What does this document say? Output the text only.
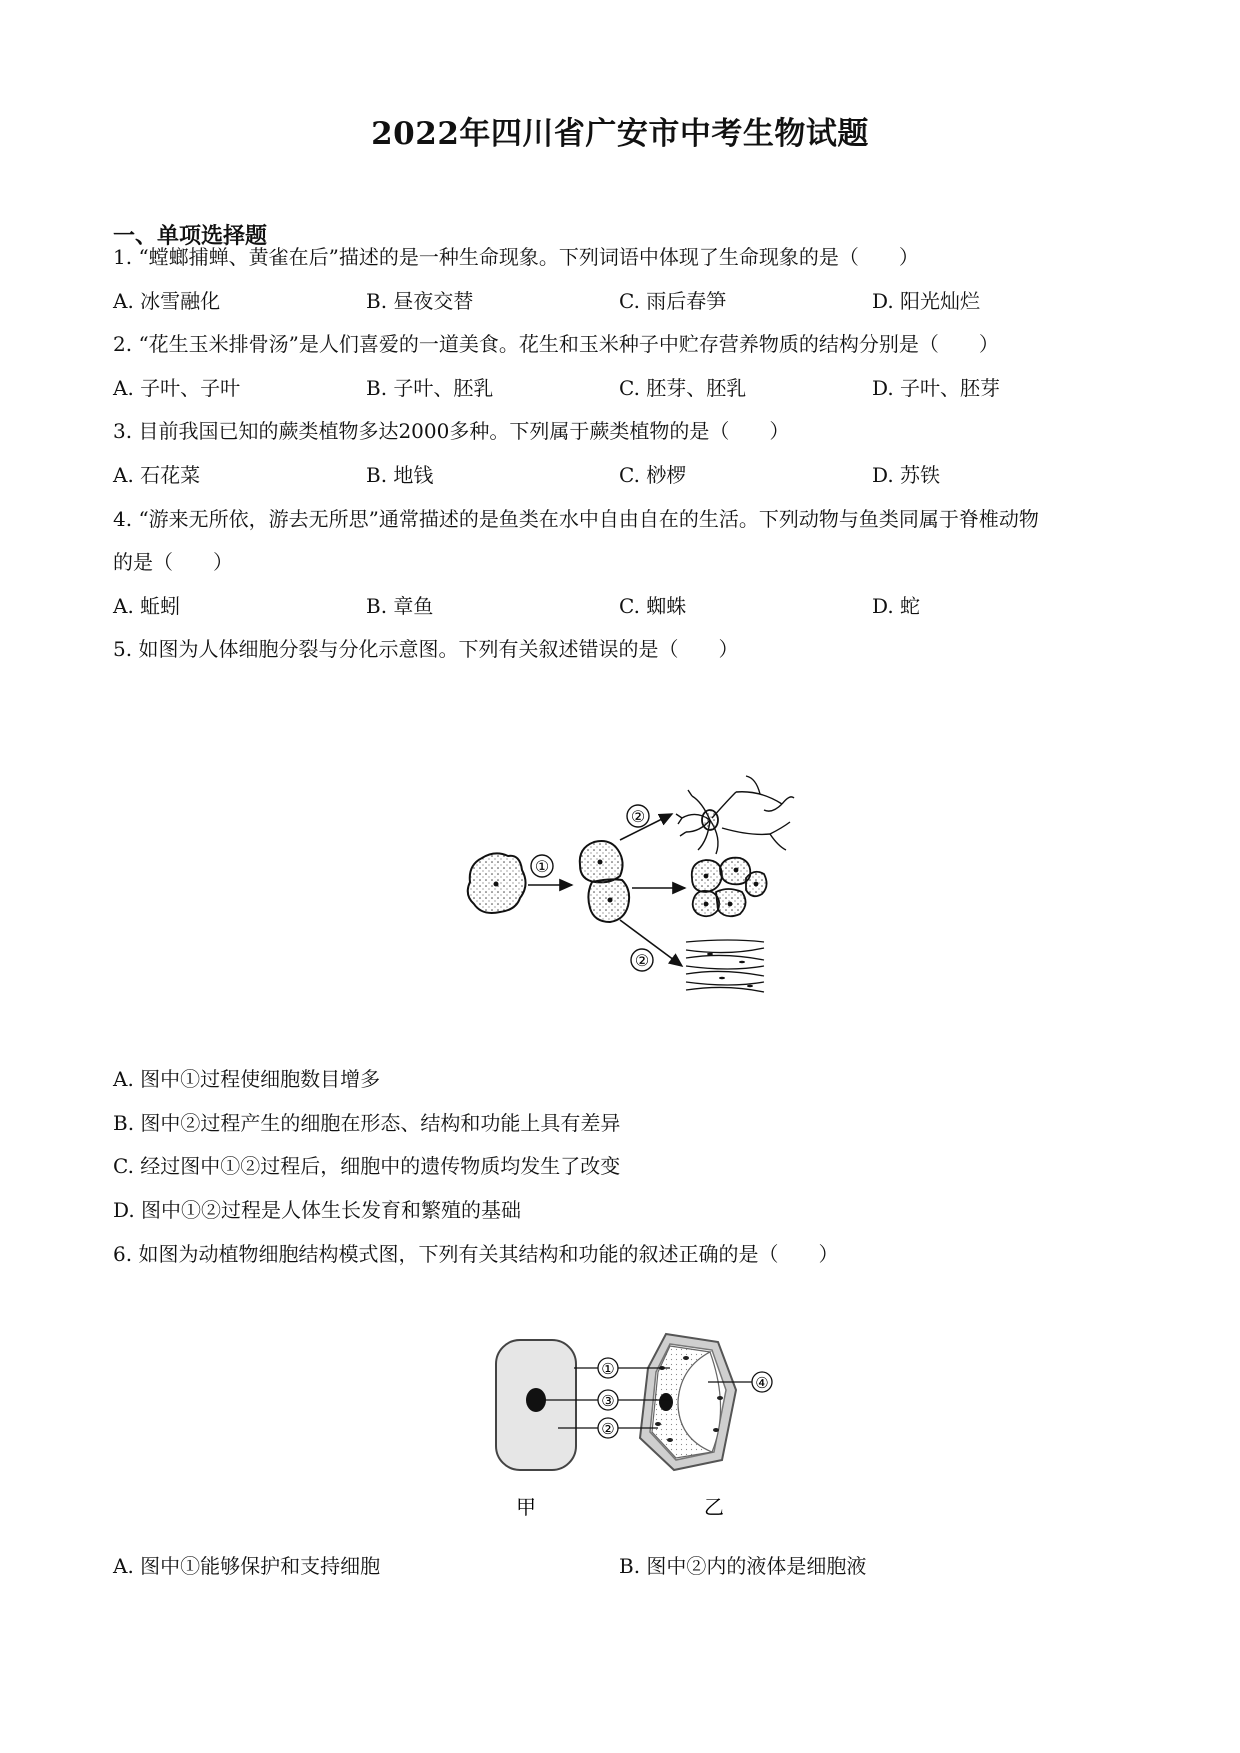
2022年四川省广安市中考生物试题
一、单项选择题
1. “螳螂捕蝉、黄雀在后”描述的是一种生命现象。下列词语中体现了生命现象的是（　　）
A. 冰雪融化	B. 昼夜交替	C. 雨后春笋	D. 阳光灿烂
2. “花生玉米排骨汤”是人们喜爱的一道美食。花生和玉米种子中贮存营养物质的结构分别是（　　）
A. 子叶、子叶	B. 子叶、胚乳	C. 胚芽、胚乳	D. 子叶、胚芽
3. 目前我国已知的蕨类植物多达2000多种。下列属于蕨类植物的是（　　）
A. 石花菜	B. 地钱	C. 桫椤	D. 苏铁
4. “游来无所依，游去无所思”通常描述的是鱼类在水中自由自在的生活。下列动物与鱼类同属于脊椎动物
的是（　　）
A. 蚯蚓	B. 章鱼	C. 蜘蛛	D. 蛇
5. 如图为人体细胞分裂与分化示意图。下列有关叙述错误的是（　　）
①
②
②
A. 图中①过程使细胞数目增多
B. 图中②过程产生的细胞在形态、结构和功能上具有差异
C. 经过图中①②过程后，细胞中的遗传物质均发生了改变
D. 图中①②过程是人体生长发育和繁殖的基础
6. 如图为动植物细胞结构模式图，下列有关其结构和功能的叙述正确的是（　　）
①
③
②
④
甲	乙
A. 图中①能够保护和支持细胞	B. 图中②内的液体是细胞液
